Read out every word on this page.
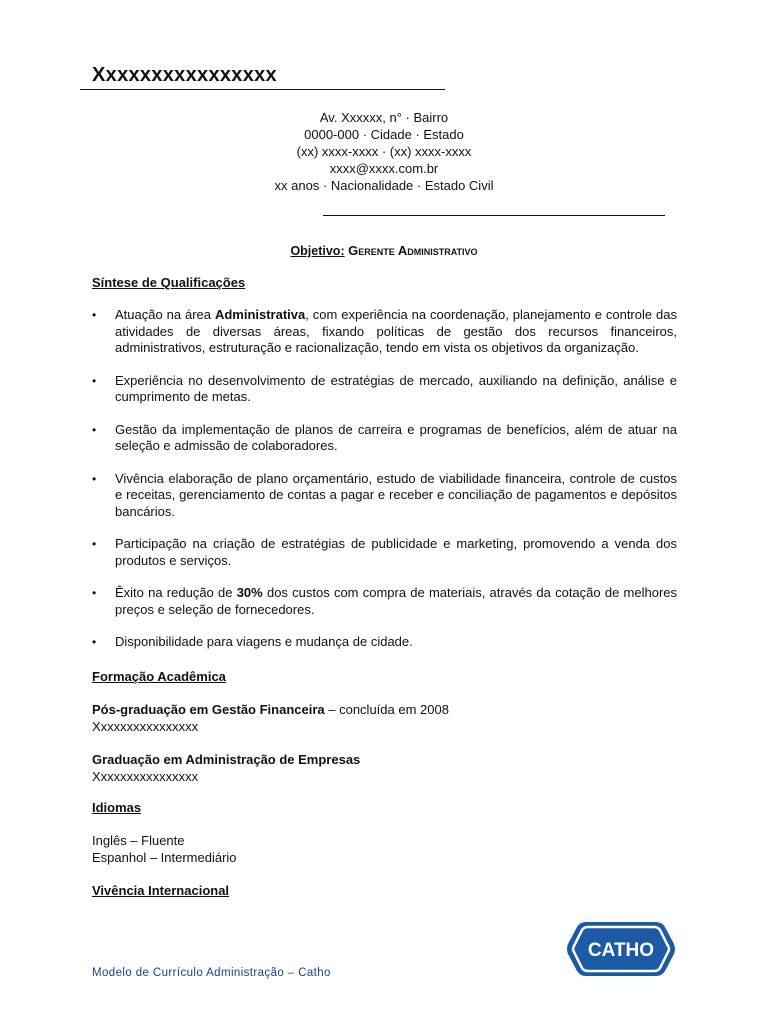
Xxxxxxxxxxxxxxxx
Av. Xxxxxx, n° · Bairro
0000-000 · Cidade · Estado
(xx) xxxx-xxxx · (xx) xxxx-xxxx
xxxx@xxxx.com.br
xx anos · Nacionalidade · Estado Civil
Objetivo: Gerente Administrativo
Síntese de Qualificações
•	Atuação na área Administrativa, com experiência na coordenação, planejamento e controle das atividades de diversas áreas, fixando políticas de gestão dos recursos financeiros, administrativos, estruturação e racionalização, tendo em vista os objetivos da organização.
•	Experiência no desenvolvimento de estratégias de mercado, auxiliando na definição, análise e cumprimento de metas.
•	Gestão da implementação de planos de carreira e programas de benefícios, além de atuar na seleção e admissão de colaboradores.
•	Vivência elaboração de plano orçamentário, estudo de viabilidade financeira, controle de custos e receitas, gerenciamento de contas a pagar e receber e conciliação de pagamentos e depósitos bancários.
•	Participação na criação de estratégias de publicidade e marketing, promovendo a venda dos produtos e serviços.
•	Êxito na redução de 30% dos custos com compra de materiais, através da cotação de melhores preços e seleção de fornecedores.
•	Disponibilidade para viagens e mudança de cidade.
Formação Acadêmica
Pós-graduação em Gestão Financeira – concluída em 2008
Xxxxxxxxxxxxxxxx
Graduação em Administração de Empresas
Xxxxxxxxxxxxxxxx
Idiomas
Inglês – Fluente
Espanhol – Intermediário
Vivência Internacional
Modelo de Currículo Administração – Catho
CATHO
